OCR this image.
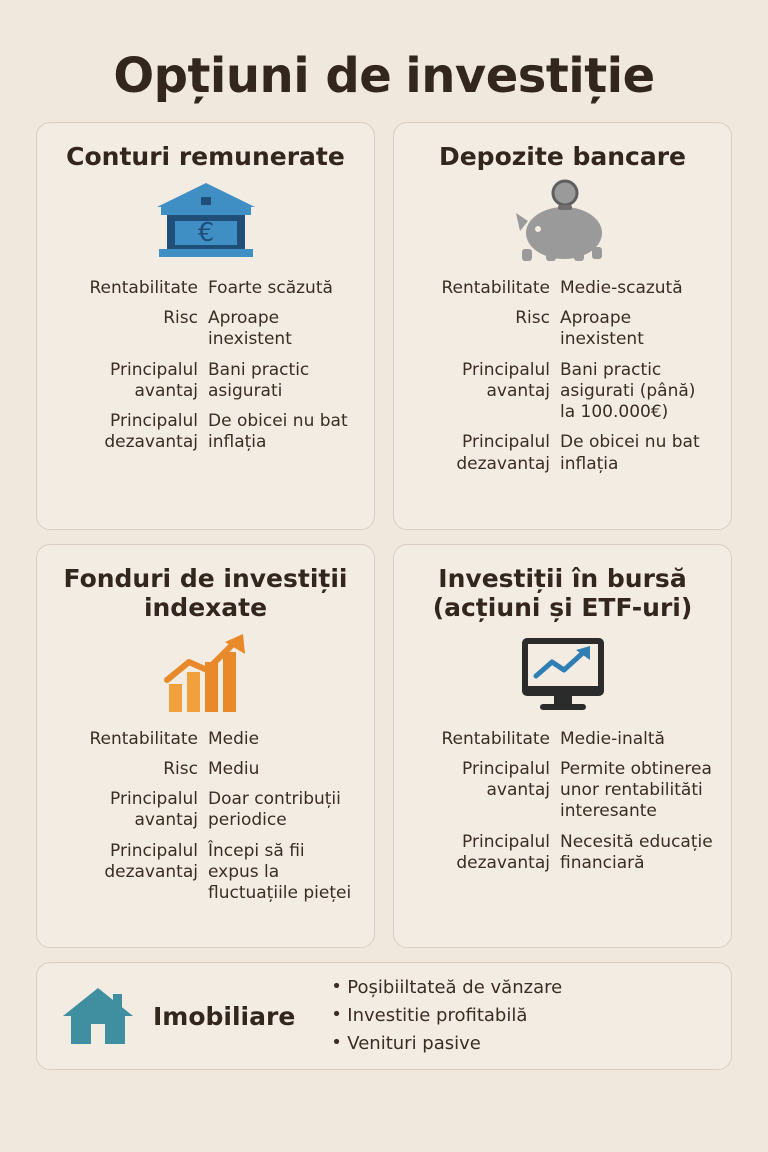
Opțiuni de investiție
Conturi remunerate
€
Rentabilitate Foarte scăzută
Risc Aproape inexistent
Principalul avantaj
Bani practic asigurati
Principalul dezavantaj
De obicei nu bat inflația
Depozite bancare
Rentabilitate Medie-scazută
Risc Aproape inexistent
Principalul avantaj
Bani practic asigurati (până) la 100.000€)
Principalul dezavantaj
De obicei nu bat inflația
Fonduri de investiții indexate
Rentabilitate Medie
Risc Mediu
Principalul avantaj
Doar contribuții periodice
Principalul dezavantaj
Începi să fii expus la fluctuațiile pieței
Investiții în bursă (acțiuni și ETF-uri)
Rentabilitate Medie-inaltă
Principalul avantaj
Permite obtinerea unor rentabilităti interesante
Principalul dezavantaj
Necesită educație financiară
Imobiliare
• Poșibiiltateă de vănzare
• Investitie profitabilă
• Venituri pasive
